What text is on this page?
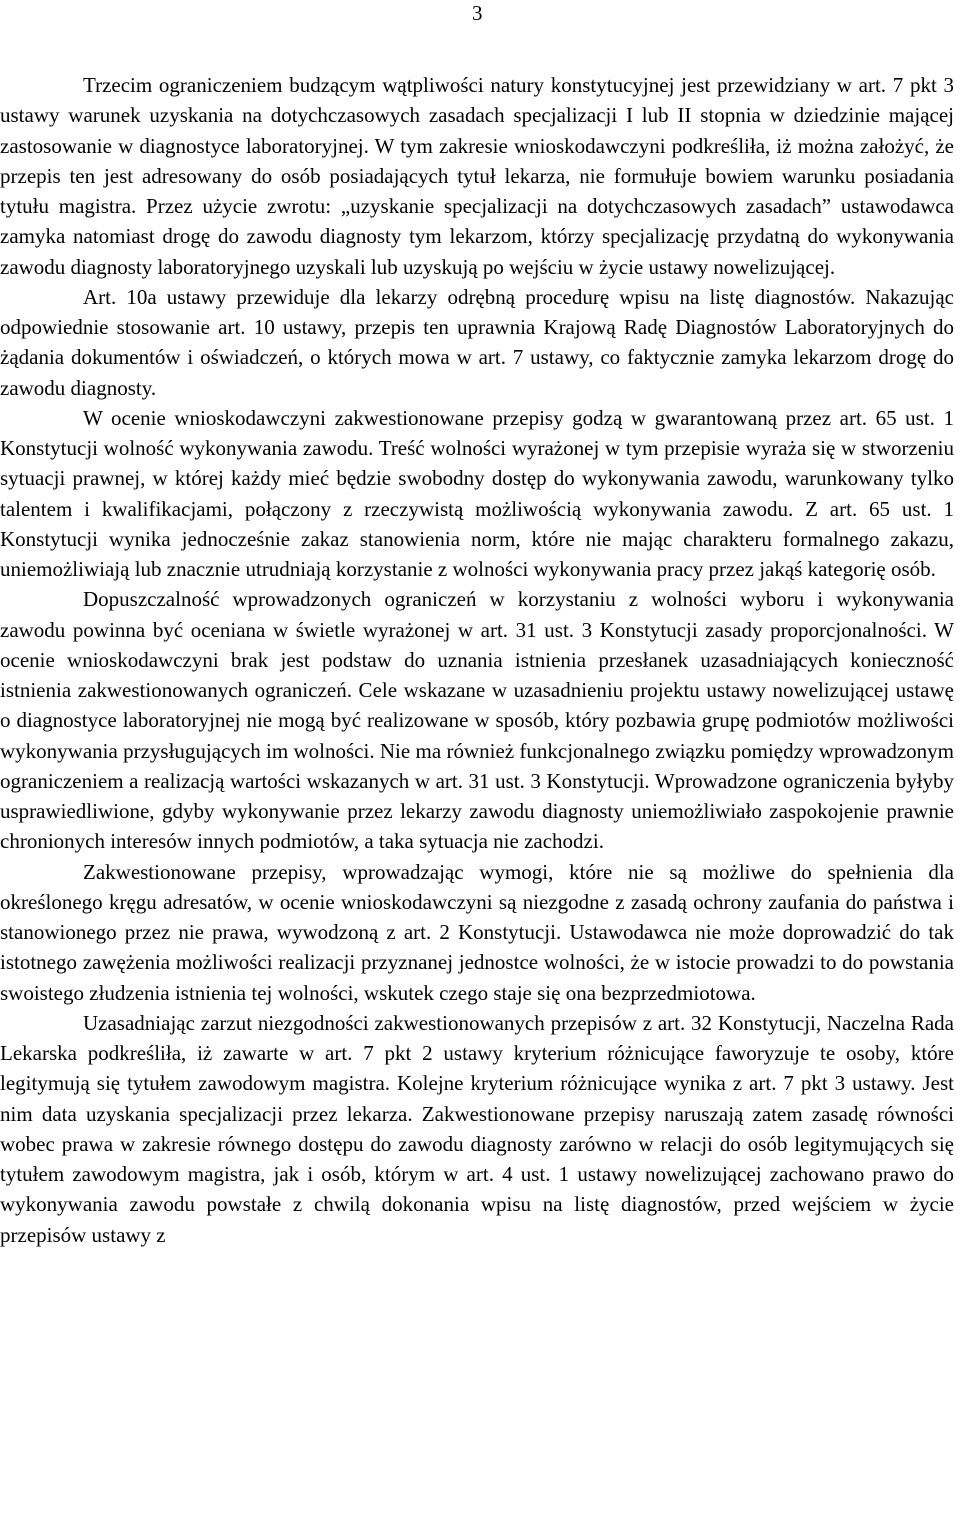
3

Trzecim ograniczeniem budzącym wątpliwości natury konstytucyjnej jest przewidziany w art. 7 pkt 3 ustawy warunek uzyskania na dotychczasowych zasadach specjalizacji I lub II stopnia w dziedzinie mającej zastosowanie w diagnostyce laboratoryjnej. W tym zakresie wnioskodawczyni podkreśliła, iż można założyć, że przepis ten jest adresowany do osób posiadających tytuł lekarza, nie formułuje bowiem warunku posiadania tytułu magistra. Przez użycie zwrotu: „uzyskanie specjalizacji na dotychczasowych zasadach” ustawodawca zamyka natomiast drogę do zawodu diagnosty tym lekarzom, którzy specjalizację przydatną do wykonywania zawodu diagnosty laboratoryjnego uzyskali lub uzyskują po wejściu w życie ustawy nowelizującej.

Art. 10a ustawy przewiduje dla lekarzy odrębną procedurę wpisu na listę diagnostów. Nakazując odpowiednie stosowanie art. 10 ustawy, przepis ten uprawnia Krajową Radę Diagnostów Laboratoryjnych do żądania dokumentów i oświadczeń, o których mowa w art. 7 ustawy, co faktycznie zamyka lekarzom drogę do zawodu diagnosty.

W ocenie wnioskodawczyni zakwestionowane przepisy godzą w gwarantowaną przez art. 65 ust. 1 Konstytucji wolność wykonywania zawodu. Treść wolności wyrażonej w tym przepisie wyraża się w stworzeniu sytuacji prawnej, w której każdy mieć będzie swobodny dostęp do wykonywania zawodu, warunkowany tylko talentem i kwalifikacjami, połączony z rzeczywistą możliwością wykonywania zawodu. Z art. 65 ust. 1 Konstytucji wynika jednocześnie zakaz stanowienia norm, które nie mając charakteru formalnego zakazu, uniemożliwiają lub znacznie utrudniają korzystanie z wolności wykonywania pracy przez jakąś kategorię osób.

Dopuszczalność wprowadzonych ograniczeń w korzystaniu z wolności wyboru i wykonywania zawodu powinna być oceniana w świetle wyrażonej w art. 31 ust. 3 Konstytucji zasady proporcjonalności. W ocenie wnioskodawczyni brak jest podstaw do uznania istnienia przesłanek uzasadniających konieczność istnienia zakwestionowanych ograniczeń. Cele wskazane w uzasadnieniu projektu ustawy nowelizującej ustawę o diagnostyce laboratoryjnej nie mogą być realizowane w sposób, który pozbawia grupę podmiotów możliwości wykonywania przysługujących im wolności. Nie ma również funkcjonalnego związku pomiędzy wprowadzonym ograniczeniem a realizacją wartości wskazanych w art. 31 ust. 3 Konstytucji. Wprowadzone ograniczenia byłyby usprawiedliwione, gdyby wykonywanie przez lekarzy zawodu diagnosty uniemożliwiało zaspokojenie prawnie chronionych interesów innych podmiotów, a taka sytuacja nie zachodzi.

Zakwestionowane przepisy, wprowadzając wymogi, które nie są możliwe do spełnienia dla określonego kręgu adresatów, w ocenie wnioskodawczyni są niezgodne z zasadą ochrony zaufania do państwa i stanowionego przez nie prawa, wywodzoną z art. 2 Konstytucji. Ustawodawca nie może doprowadzić do tak istotnego zawężenia możliwości realizacji przyznanej jednostce wolności, że w istocie prowadzi to do powstania swoistego złudzenia istnienia tej wolności, wskutek czego staje się ona bezprzedmiotowa.

Uzasadniając zarzut niezgodności zakwestionowanych przepisów z art. 32 Konstytucji, Naczelna Rada Lekarska podkreśliła, iż zawarte w art. 7 pkt 2 ustawy kryterium różnicujące faworyzuje te osoby, które legitymują się tytułem zawodowym magistra. Kolejne kryterium różnicujące wynika z art. 7 pkt 3 ustawy. Jest nim data uzyskania specjalizacji przez lekarza. Zakwestionowane przepisy naruszają zatem zasadę równości wobec prawa w zakresie równego dostępu do zawodu diagnosty zarówno w relacji do osób legitymujących się tytułem zawodowym magistra, jak i osób, którym w art. 4 ust. 1 ustawy nowelizującej zachowano prawo do wykonywania zawodu powstałe z chwilą dokonania wpisu na listę diagnostów, przed wejściem w życie przepisów ustawy z
